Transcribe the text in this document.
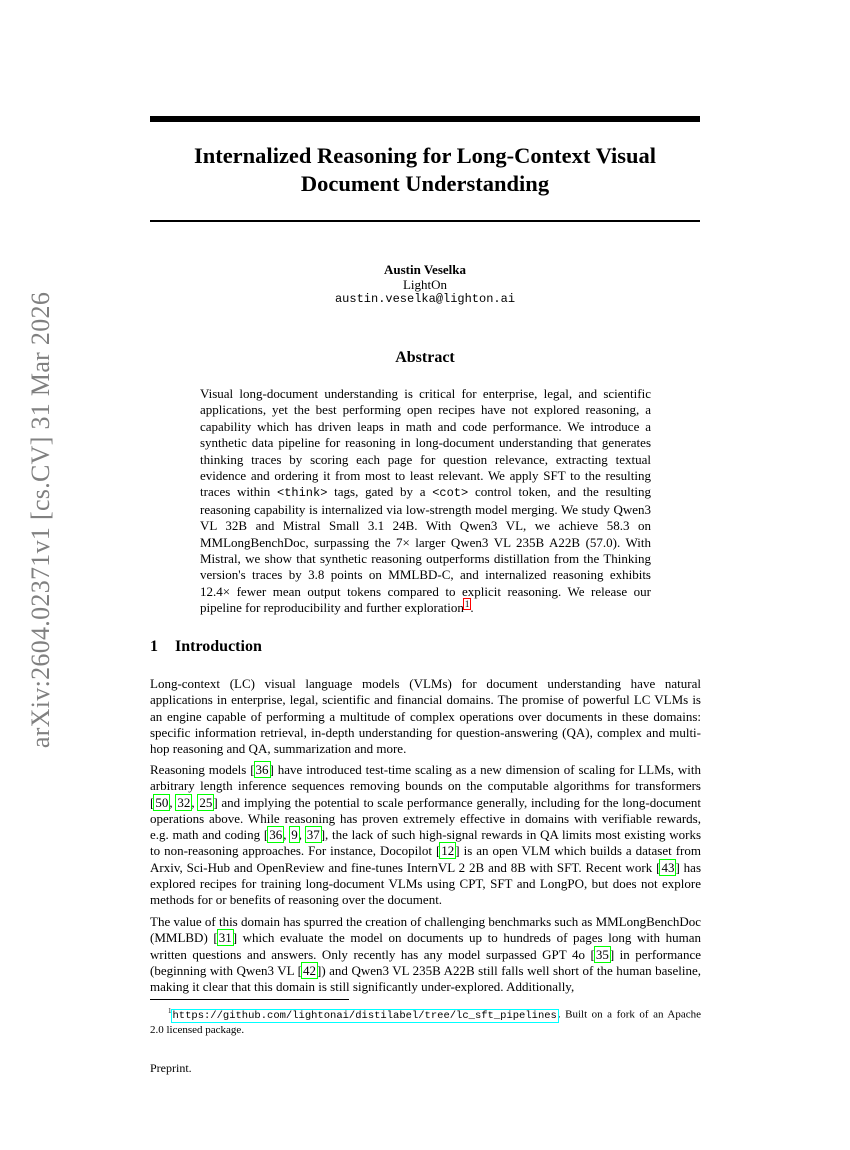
arXiv:2604.02371v1 [cs.CV] 31 Mar 2026
Internalized Reasoning for Long-Context Visual
Document Understanding
Austin Veselka
LightOn
austin.veselka@lighton.ai
Abstract
Visual long-document understanding is critical for enterprise, legal, and scientific applications, yet the best performing open recipes have not explored reasoning, a capability which has driven leaps in math and code performance. We introduce a synthetic data pipeline for reasoning in long-document understanding that generates thinking traces by scoring each page for question relevance, extracting textual evidence and ordering it from most to least relevant. We apply SFT to the resulting traces within <think> tags, gated by a <cot> control token, and the resulting reasoning capability is internalized via low-strength model merging. We study Qwen3 VL 32B and Mistral Small 3.1 24B. With Qwen3 VL, we achieve 58.3 on MMLongBenchDoc, surpassing the 7× larger Qwen3 VL 235B A22B (57.0). With Mistral, we show that synthetic reasoning outperforms distillation from the Thinking version's traces by 3.8 points on MMLBD-C, and internalized reasoning exhibits 12.4× fewer mean output tokens compared to explicit reasoning. We release our pipeline for reproducibility and further exploration$^1$.
1 Introduction

Long-context (LC) visual language models (VLMs) for document understanding have natural applications in enterprise, legal, scientific and financial domains. The promise of powerful LC VLMs is an engine capable of performing a multitude of complex operations over documents in these domains: specific information retrieval, in-depth understanding for question-answering (QA), complex and multi-hop reasoning and QA, summarization and more.

Reasoning models [36] have introduced test-time scaling as a new dimension of scaling for LLMs, with arbitrary length inference sequences removing bounds on the computable algorithms for transformers [50, 32, 25] and implying the potential to scale performance generally, including for the long-document operations above. While reasoning has proven extremely effective in domains with verifiable rewards, e.g. math and coding [36, 9, 37], the lack of such high-signal rewards in QA limits most existing works to non-reasoning approaches. For instance, Docopilot [12] is an open VLM which builds a dataset from Arxiv, Sci-Hub and OpenReview and fine-tunes InternVL 2 2B and 8B with SFT. Recent work [43] has explored recipes for training long-document VLMs using CPT, SFT and LongPO, but does not explore methods for or benefits of reasoning over the document.

The value of this domain has spurred the creation of challenging benchmarks such as MMLongBenchDoc (MMLBD) [31] which evaluate the model on documents up to hundreds of pages long with human written questions and answers. Only recently has any model surpassed GPT 4o [35] in performance (beginning with Qwen3 VL [42]) and Qwen3 VL 235B A22B still falls well short of the human baseline, making it clear that this domain is still significantly under-explored. Additionally,

$^1$https://github.com/lightonai/distilabel/tree/lc_sft_pipelines. Built on a fork of an Apache 2.0 licensed package.
Preprint.
